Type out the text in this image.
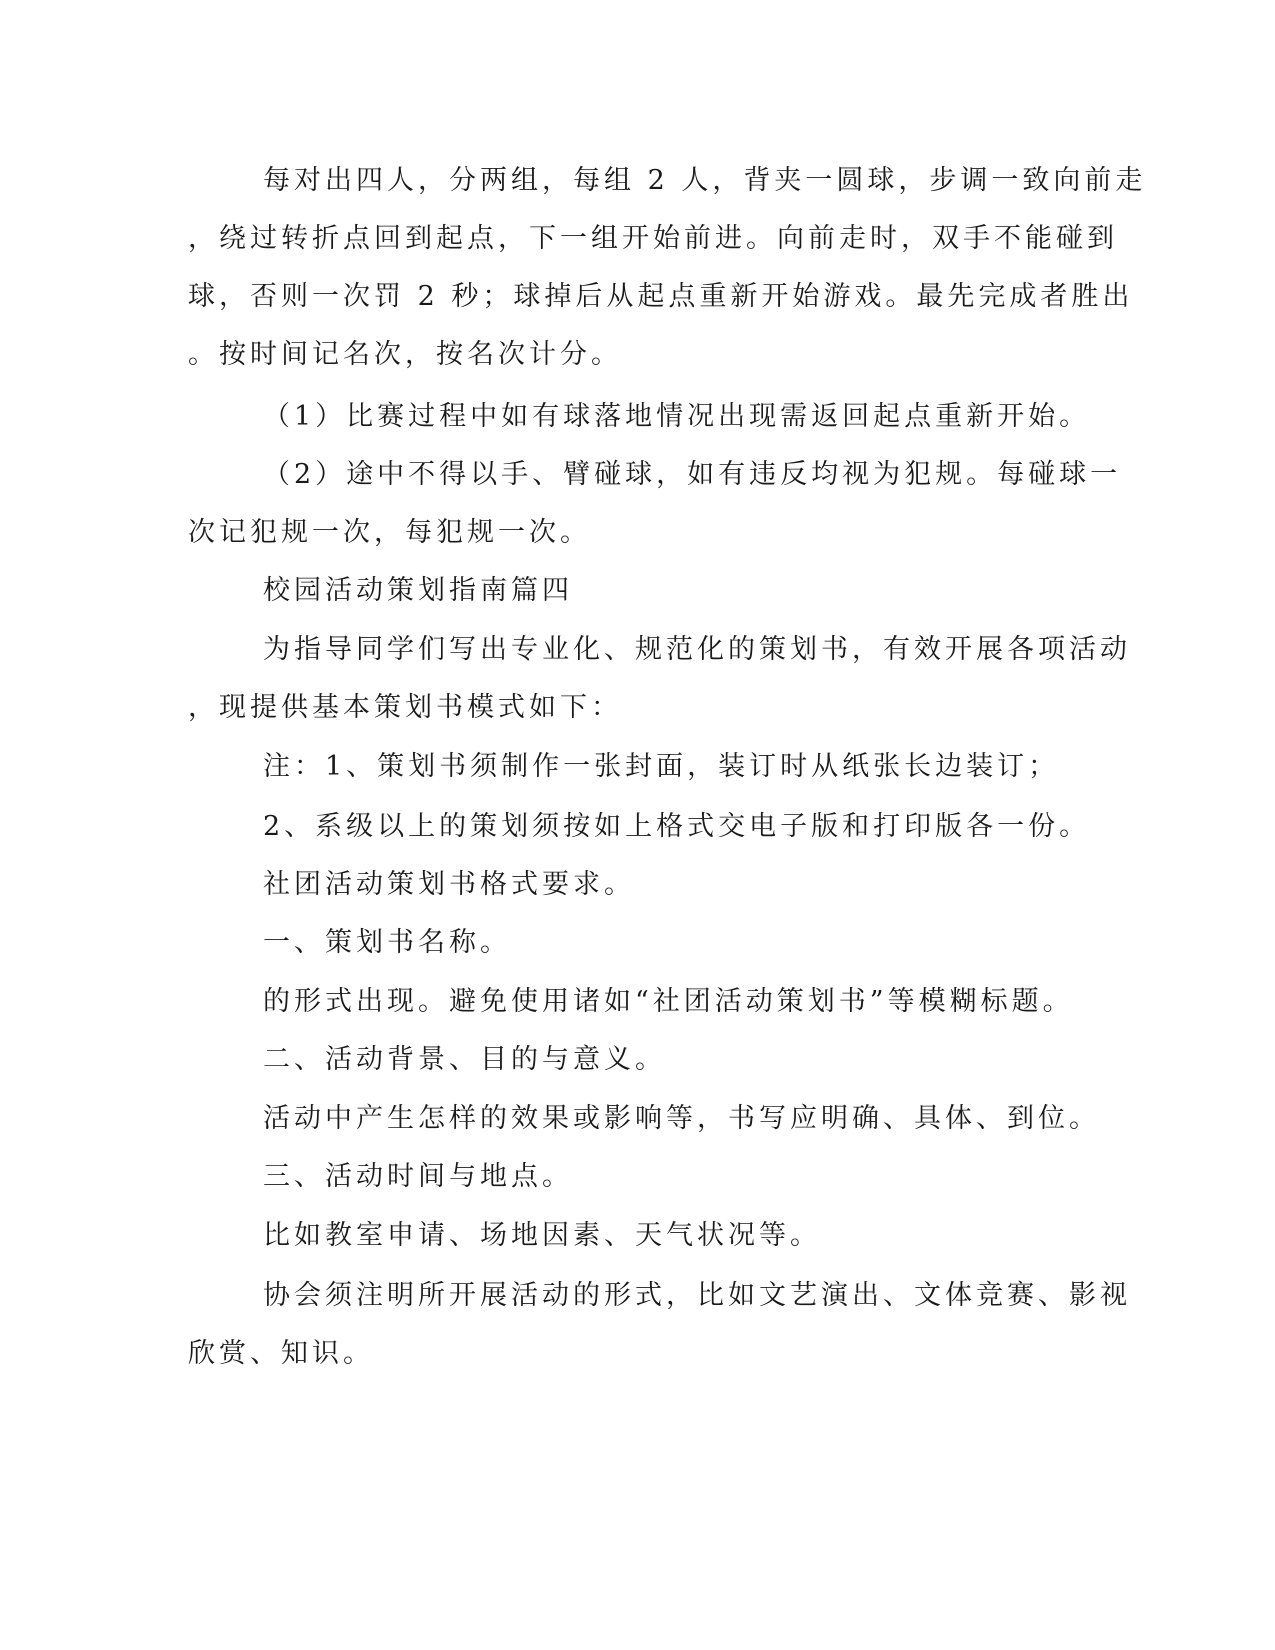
每对出四人，分两组，每组 2 人，背夹一圆球，步调一致向前走
，绕过转折点回到起点，下一组开始前进。向前走时，双手不能碰到
球，否则一次罚 2 秒；球掉后从起点重新开始游戏。最先完成者胜出
。按时间记名次，按名次计分。
（1）比赛过程中如有球落地情况出现需返回起点重新开始。
（2）途中不得以手、臂碰球，如有违反均视为犯规。每碰球一
次记犯规一次，每犯规一次。
校园活动策划指南篇四
为指导同学们写出专业化、规范化的策划书，有效开展各项活动
，现提供基本策划书模式如下：
注：1、策划书须制作一张封面，装订时从纸张长边装订；
2、系级以上的策划须按如上格式交电子版和打印版各一份。
社团活动策划书格式要求。
一、策划书名称。
的形式出现。避免使用诸如“社团活动策划书”等模糊标题。
二、活动背景、目的与意义。
活动中产生怎样的效果或影响等，书写应明确、具体、到位。
三、活动时间与地点。
比如教室申请、场地因素、天气状况等。
协会须注明所开展活动的形式，比如文艺演出、文体竞赛、影视
欣赏、知识。
